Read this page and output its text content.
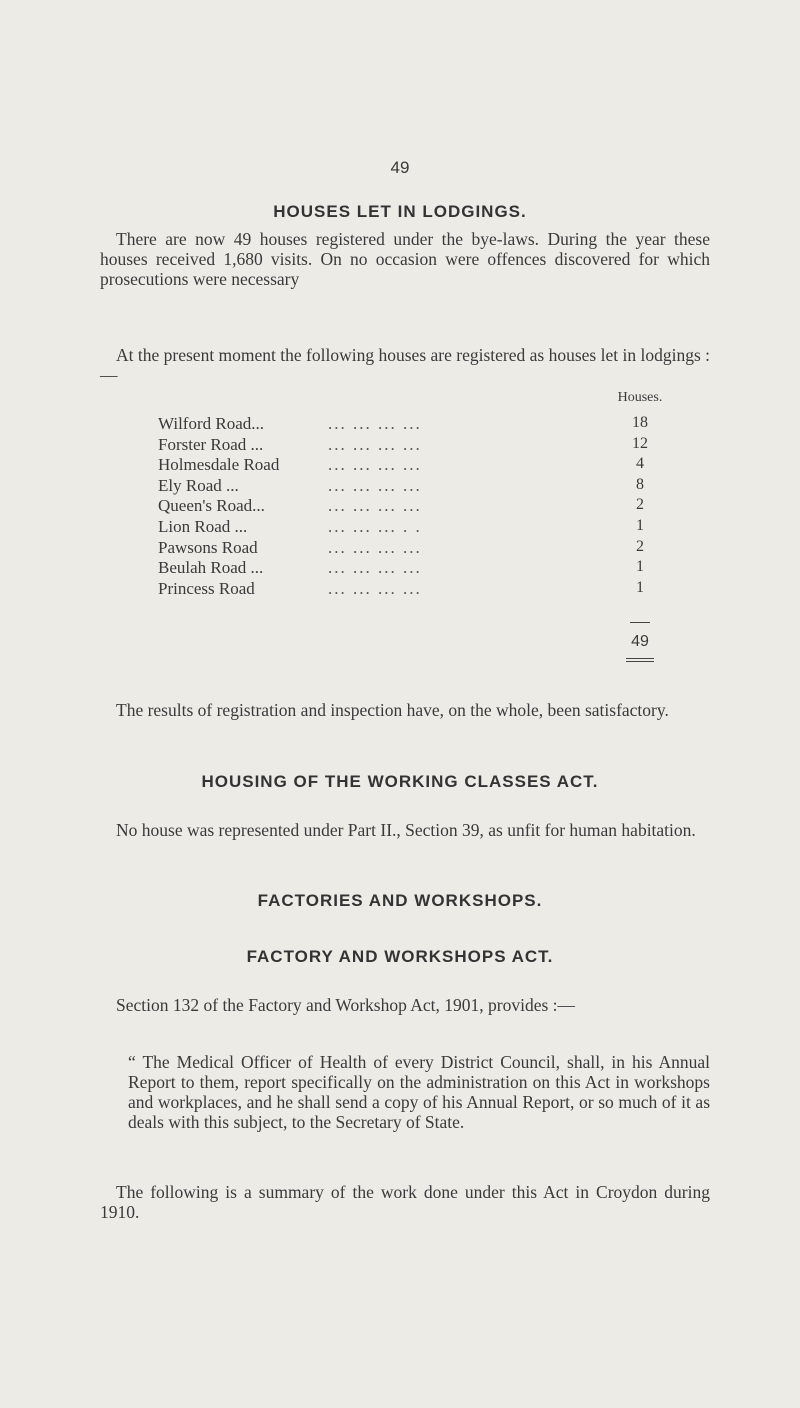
49
HOUSES LET IN LODGINGS.
There are now 49 houses registered under the bye-laws. During the year these houses received 1,680 visits. On no occasion were offences discovered for which prosecutions were necessary
At the present moment the following houses are registered as houses let in lodgings :—
Houses.
Wilford Road...	... ... ... ...	18
Forster Road ...	... ... ... ...	12
Holmesdale Road	... ... ... ...	4
Ely Road ...	... ... ... ...	8
Queen's Road...	... ... ... ...	2
Lion Road ...	... ... ... . .	1
Pawsons Road	... ... ... ...	2
Beulah Road ...	... ... ... ...	1
Princess Road	... ... ... ...	1
49
The results of registration and inspection have, on the whole, been satisfactory.
HOUSING OF THE WORKING CLASSES ACT.
No house was represented under Part II., Section 39, as unfit for human habitation.
FACTORIES AND WORKSHOPS.
FACTORY AND WORKSHOPS ACT.
Section 132 of the Factory and Workshop Act, 1901, provides :—
“ The Medical Officer of Health of every District Council, shall, in his Annual Report to them, report specifically on the administration on this Act in workshops and workplaces, and he shall send a copy of his Annual Report, or so much of it as deals with this subject, to the Secretary of State.
The following is a summary of the work done under this Act in Croydon during 1910.
